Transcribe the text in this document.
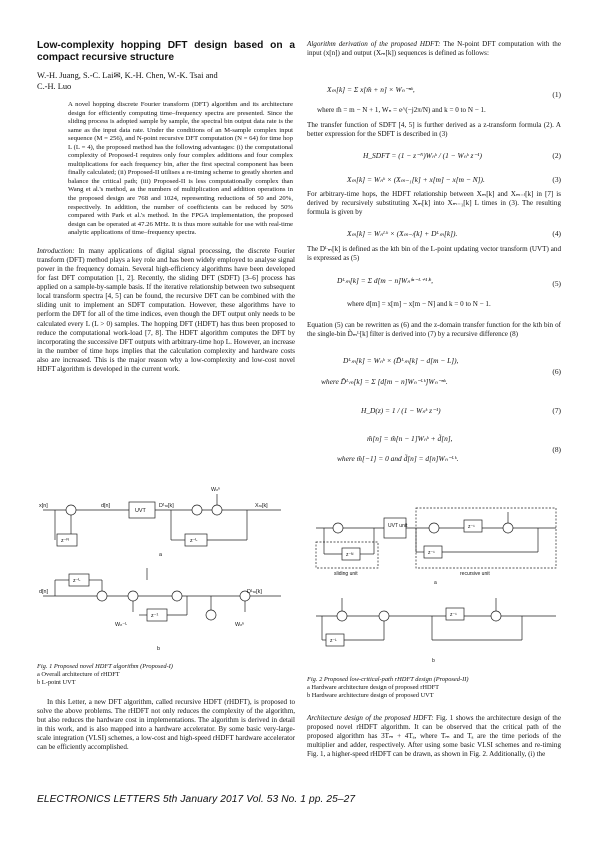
Low-complexity hopping DFT design based on a compact recursive structure
W.-H. Juang, S.-C. Lai✉, K.-H. Chen, W.-K. Tsai and
C.-H. Luo

A novel hopping discrete Fourier transform (DFT) algorithm and its architecture design for efficiently computing time–frequency spectra are presented. Since the sliding process is adopted sample by sample, the spectral bin output data rate is the same as the input data rate. Under the conditions of an M-sample complex input sequence (M = 256), and N-point recursive DFT computation (N = 64) for time hop L (L = 4), the proposed method has the following advantages: (i) the computational complexity of Proposed-I requires only four complex additions and four complex multiplications for each frequency bin, after the first spectral component has been finally calculated; (ii) Proposed-II utilises a re-timing scheme to greatly shorten and balance the critical path; (iii) Proposed-II is less computationally complex than Wang et al.'s method, as the numbers of multiplication and addition operations in the proposed design are 768 and 1024, representing reductions of 50 and 20%, respectively. In addition, the number of coefficients can be reduced by 50% compared with Park et al.'s method. In the FPGA implementation, the proposed design can be operated at 47.26 MHz. It is thus more suitable for use with real-time analytic applications of time–frequency spectra.

Introduction: In many applications of digital signal processing, the discrete Fourier transform (DFT) method plays a key role and has been widely employed to analyse signal power in the frequency domain. Several high-efficiency algorithms have been developed for fast DFT computation [1, 2]. Recently, the sliding DFT (SDFT) [3–6] process has applied on a sample-by-sample basis. If the iterative relationship between two subsequent local transform spectra [4, 5] can be found, the recursive DFT can be combined with the sliding unit to implement an SDFT computation. However, these algorithms have to perform the DFT for all of the time indices, even though the DFT output only needs to be calculated every L (L > 0) samples. The hopping DFT (HDFT) has thus been proposed to reduce the computational work-load [7, 8]. The HDFT algorithm computes the DFT by incorporating the successive DFT outputs with arbitrary-time hop L. However, an increase in the number of time hops implies that the calculation complexity and hardware costs also are increased. This is the major reason why a low-complexity and low-cost novel HDFT algorithm is developed in the current work.

x[n]	d[n]
UVT
D¹ₘ[k]	Xₘ[k]
Wₙᵏ
z⁻ᴺ	z⁻ᴸ
a
d[n]
z⁻ᴸ
z⁻¹
Wₙ⁻ᴸ	Wₙᵏ
Dᴸₘ[k]
b
Fig. 1 Proposed novel HDFT algorithm (Proposed-I)
a Overall architecture of rHDFT
b L-point UVT

In this Letter, a new DFT algorithm, called recursive HDFT (rHDFT), is proposed to solve the above problems. The rHDFT not only reduces the complexity of the algorithm, but also reduces the hardware cost in implementations. The algorithm is derived in detail in this work, and is also mapped into a hardware accelerator. By some basic very-large-scale integration (VLSI) schemes, a low-cost and high-speed rHDFT hardware accelerator can be efficiently accomplished.

Algorithm derivation of the proposed HDFT: The N-point DFT computation with the input (x[n]) and output (Xₘ[k]) sequences is defined as follows:

Xₘ[k] = Σ x[m̃ + n] × Wₙ⁻ⁿᵏ,
(1)
where m̃ = m − N + 1, Wₙ = e^(−j2π/N) and k = 0 to N − 1.

The transfer function of SDFT [4, 5] is further derived as a z-transform formula (2). A better expression for the SDFT is described in (3)

H_SDFT = (1 − z⁻ᴺ)Wₙᵏ / (1 − Wₙᵏ z⁻¹)	(2)
Xₘ[k] = Wₙᵏ × (Xₘ₋₁[k] + x[m] − x[m − N]).	(3)

For arbitrary-time hops, the HDFT relationship between Xₘ[k] and Xₘ₋ₗ[k] in [7] is derived by recursively substituting Xₘ[k] into Xₘ₋₁[k] L times in (3). The resulting formula is given by

Xₘ[k] = Wₙᴸᵏ × (Xₘ₋ₗ[k] + Dᴸₘ[k]).	(4)

The Dᴸₘ[k] is defined as the kth bin of the L-point updating vector transform (UVT) and is expressed as (5)

Dᴸₘ[k] = Σ d[m − n]Wₙ⁽ⁿ⁻ᴸ⁺¹⁾ᵏ,	(5)
where d[m] = x[m] − x[m − N] and k = 0 to N − 1.

Equation (5) can be rewritten as (6) and the z-domain transfer function for the kth bin of the single-bin D̃ₘᴸ[k] filter is derived into (7) by a recursive difference (8)

Dᴸₘ[k] = Wₙᵏ × (D̃ᴸₘ[k] − d[m − L]),
(6)
where D̃ᴸₘ[k] = Σ [d[m − n]Wₙ⁻ᴸᵏ]Wₙ⁻ⁿᵏ.
H_D(z) = 1 / (1 − Wₙᵏ z⁻¹)	(7)
m̃[n] = m̃[n − 1]Wₙᵏ + d̃[n],
(8)
where m̃[−1] = 0 and d̃[n] = d[n]Wₙ⁻ᴸᵏ.
UVT unit	z⁻¹
z⁻¹
z⁻ᴺ
sliding unit	recursive unit
a
z⁻¹
z⁻ᴸ
b
Fig. 2 Proposed low-critical-path rHDFT design (Proposed-II)
a Hardware architecture design of proposed rHDFT
b Hardware architecture design of proposed UVT

Architecture design of the proposed HDFT: Fig. 1 shows the architecture design of the proposed novel rHDFT algorithm. It can be observed that the critical path of the proposed algorithm has 3Tₘ + 4Tₐ, where Tₘ and Tₐ are the time periods of the multiplier and adder, respectively. After using some basic VLSI schemes and re-timing Fig. 1, a higher-speed rHDFT can be drawn, as shown in Fig. 2. Additionally, (i) the

ELECTRONICS LETTERS 5th January 2017 Vol. 53 No. 1 pp. 25–27
